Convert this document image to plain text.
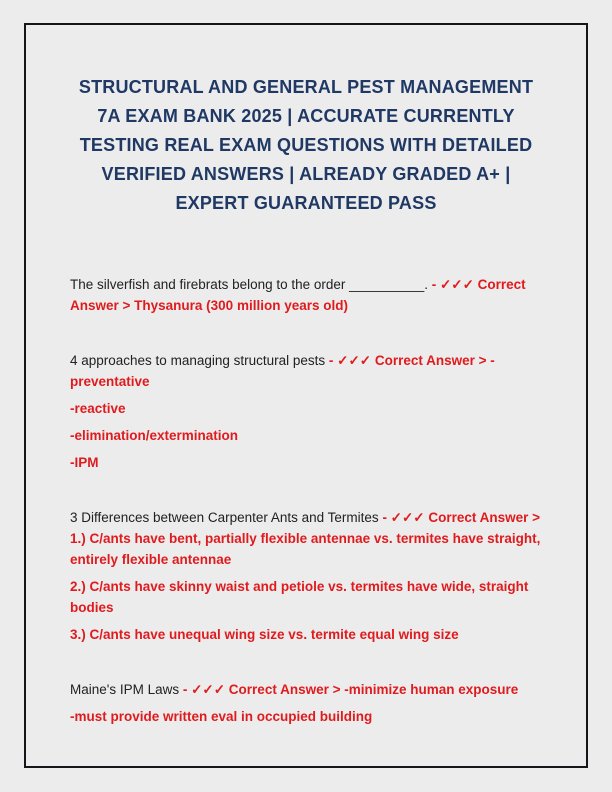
STRUCTURAL AND GENERAL PEST MANAGEMENT
7A EXAM BANK 2025 | ACCURATE CURRENTLY
TESTING REAL EXAM QUESTIONS WITH DETAILED
VERIFIED ANSWERS | ALREADY GRADED A+ |
EXPERT GUARANTEED PASS

The silverfish and firebrats belong to the order __________. - ✓✓✓ Correct Answer > Thysanura (300 million years old)

4 approaches to managing structural pests - ✓✓✓ Correct Answer > -preventative

-reactive

-elimination/extermination

-IPM

3 Differences between Carpenter Ants and Termites - ✓✓✓ Correct Answer > 1.) C/ants have bent, partially flexible antennae vs. termites have straight, entirely flexible antennae

2.) C/ants have skinny waist and petiole vs. termites have wide, straight bodies

3.) C/ants have unequal wing size vs. termite equal wing size

Maine's IPM Laws - ✓✓✓ Correct Answer > -minimize human exposure

-must provide written eval in occupied building
